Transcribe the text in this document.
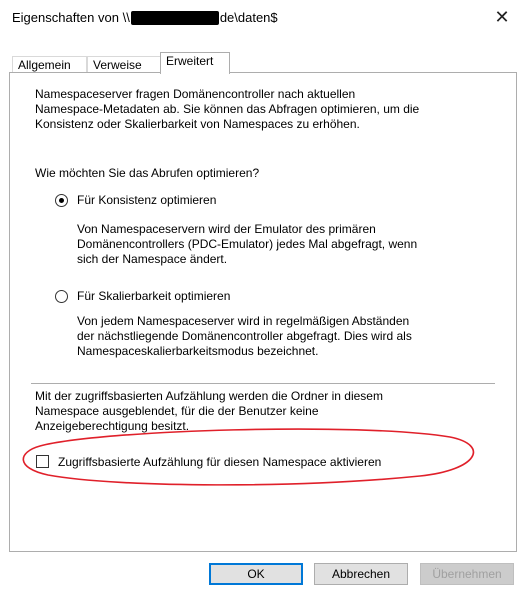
Eigenschaften von \\	de\daten$	✕
Allgemein	Verweise	Erweitert
Namespaceserver fragen Domänencontroller nach aktuellen
Namespace-Metadaten ab. Sie können das Abfragen optimieren, um die
Konsistenz oder Skalierbarkeit von Namespaces zu erhöhen.
Wie möchten Sie das Abrufen optimieren?
Für Konsistenz optimieren
Von Namespaceservern wird der Emulator des primären
Domänencontrollers (PDC-Emulator) jedes Mal abgefragt, wenn
sich der Namespace ändert.
Für Skalierbarkeit optimieren
Von jedem Namespaceserver wird in regelmäßigen Abständen
der nächstliegende Domänencontroller abgefragt. Dies wird als
Namespaceskalierbarkeitsmodus bezeichnet.
Mit der zugriffsbasierten Aufzählung werden die Ordner in diesem
Namespace ausgeblendet, für die der Benutzer keine
Anzeigeberechtigung besitzt.
Zugriffsbasierte Aufzählung für diesen Namespace aktivieren
OK	Abbrechen	Übernehmen
